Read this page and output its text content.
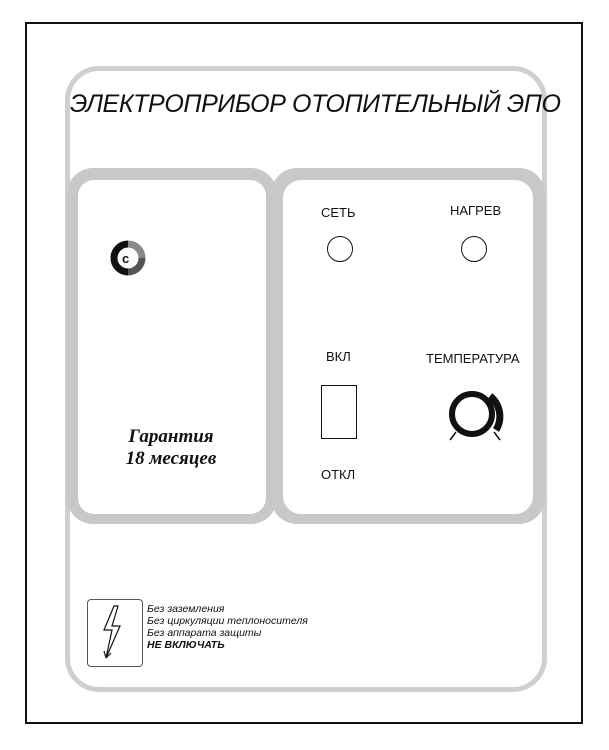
ЭЛЕКТРОПРИБОР ОТОПИТЕЛЬНЫЙ ЭПО
c
Гарантия
18 месяцев
СЕТЬ	НАГРЕВ
ВКЛ
ОТКЛ
ТЕМПЕРАТУРА
Без заземления
Без циркуляции теплоносителя
Без аппарата защиты
НЕ ВКЛЮЧАТЬ
